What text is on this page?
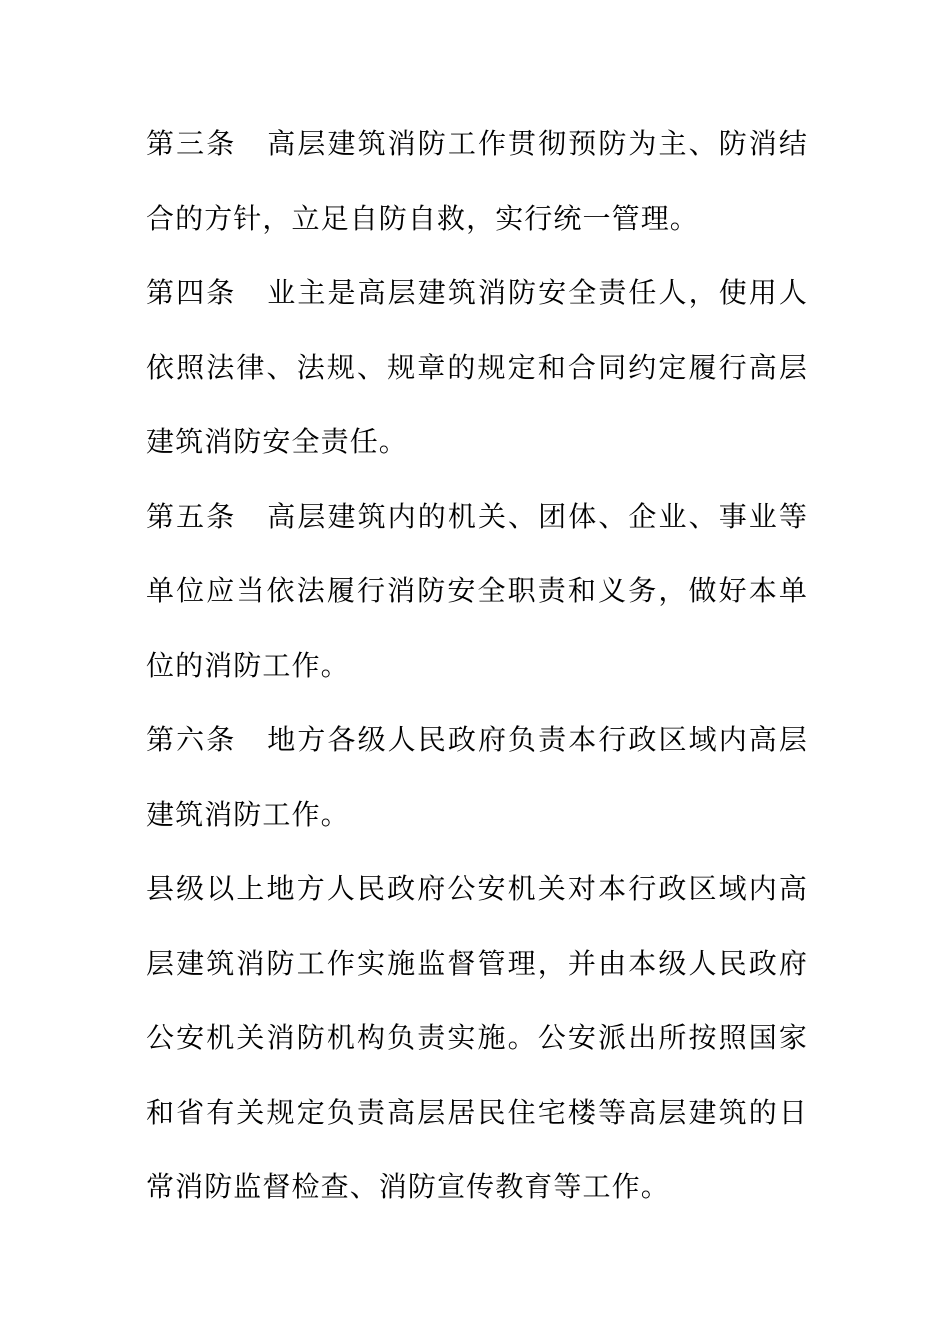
第三条 高层建筑消防工作贯彻预防为主、防消结合的方针，立足自防自救，实行统一管理。

第四条 业主是高层建筑消防安全责任人，使用人依照法律、法规、规章的规定和合同约定履行高层建筑消防安全责任。

第五条 高层建筑内的机关、团体、企业、事业等单位应当依法履行消防安全职责和义务，做好本单位的消防工作。

第六条 地方各级人民政府负责本行政区域内高层建筑消防工作。

县级以上地方人民政府公安机关对本行政区域内高层建筑消防工作实施监督管理，并由本级人民政府公安机关消防机构负责实施。公安派出所按照国家和省有关规定负责高层居民住宅楼等高层建筑的日常消防监督检查、消防宣传教育等工作。
